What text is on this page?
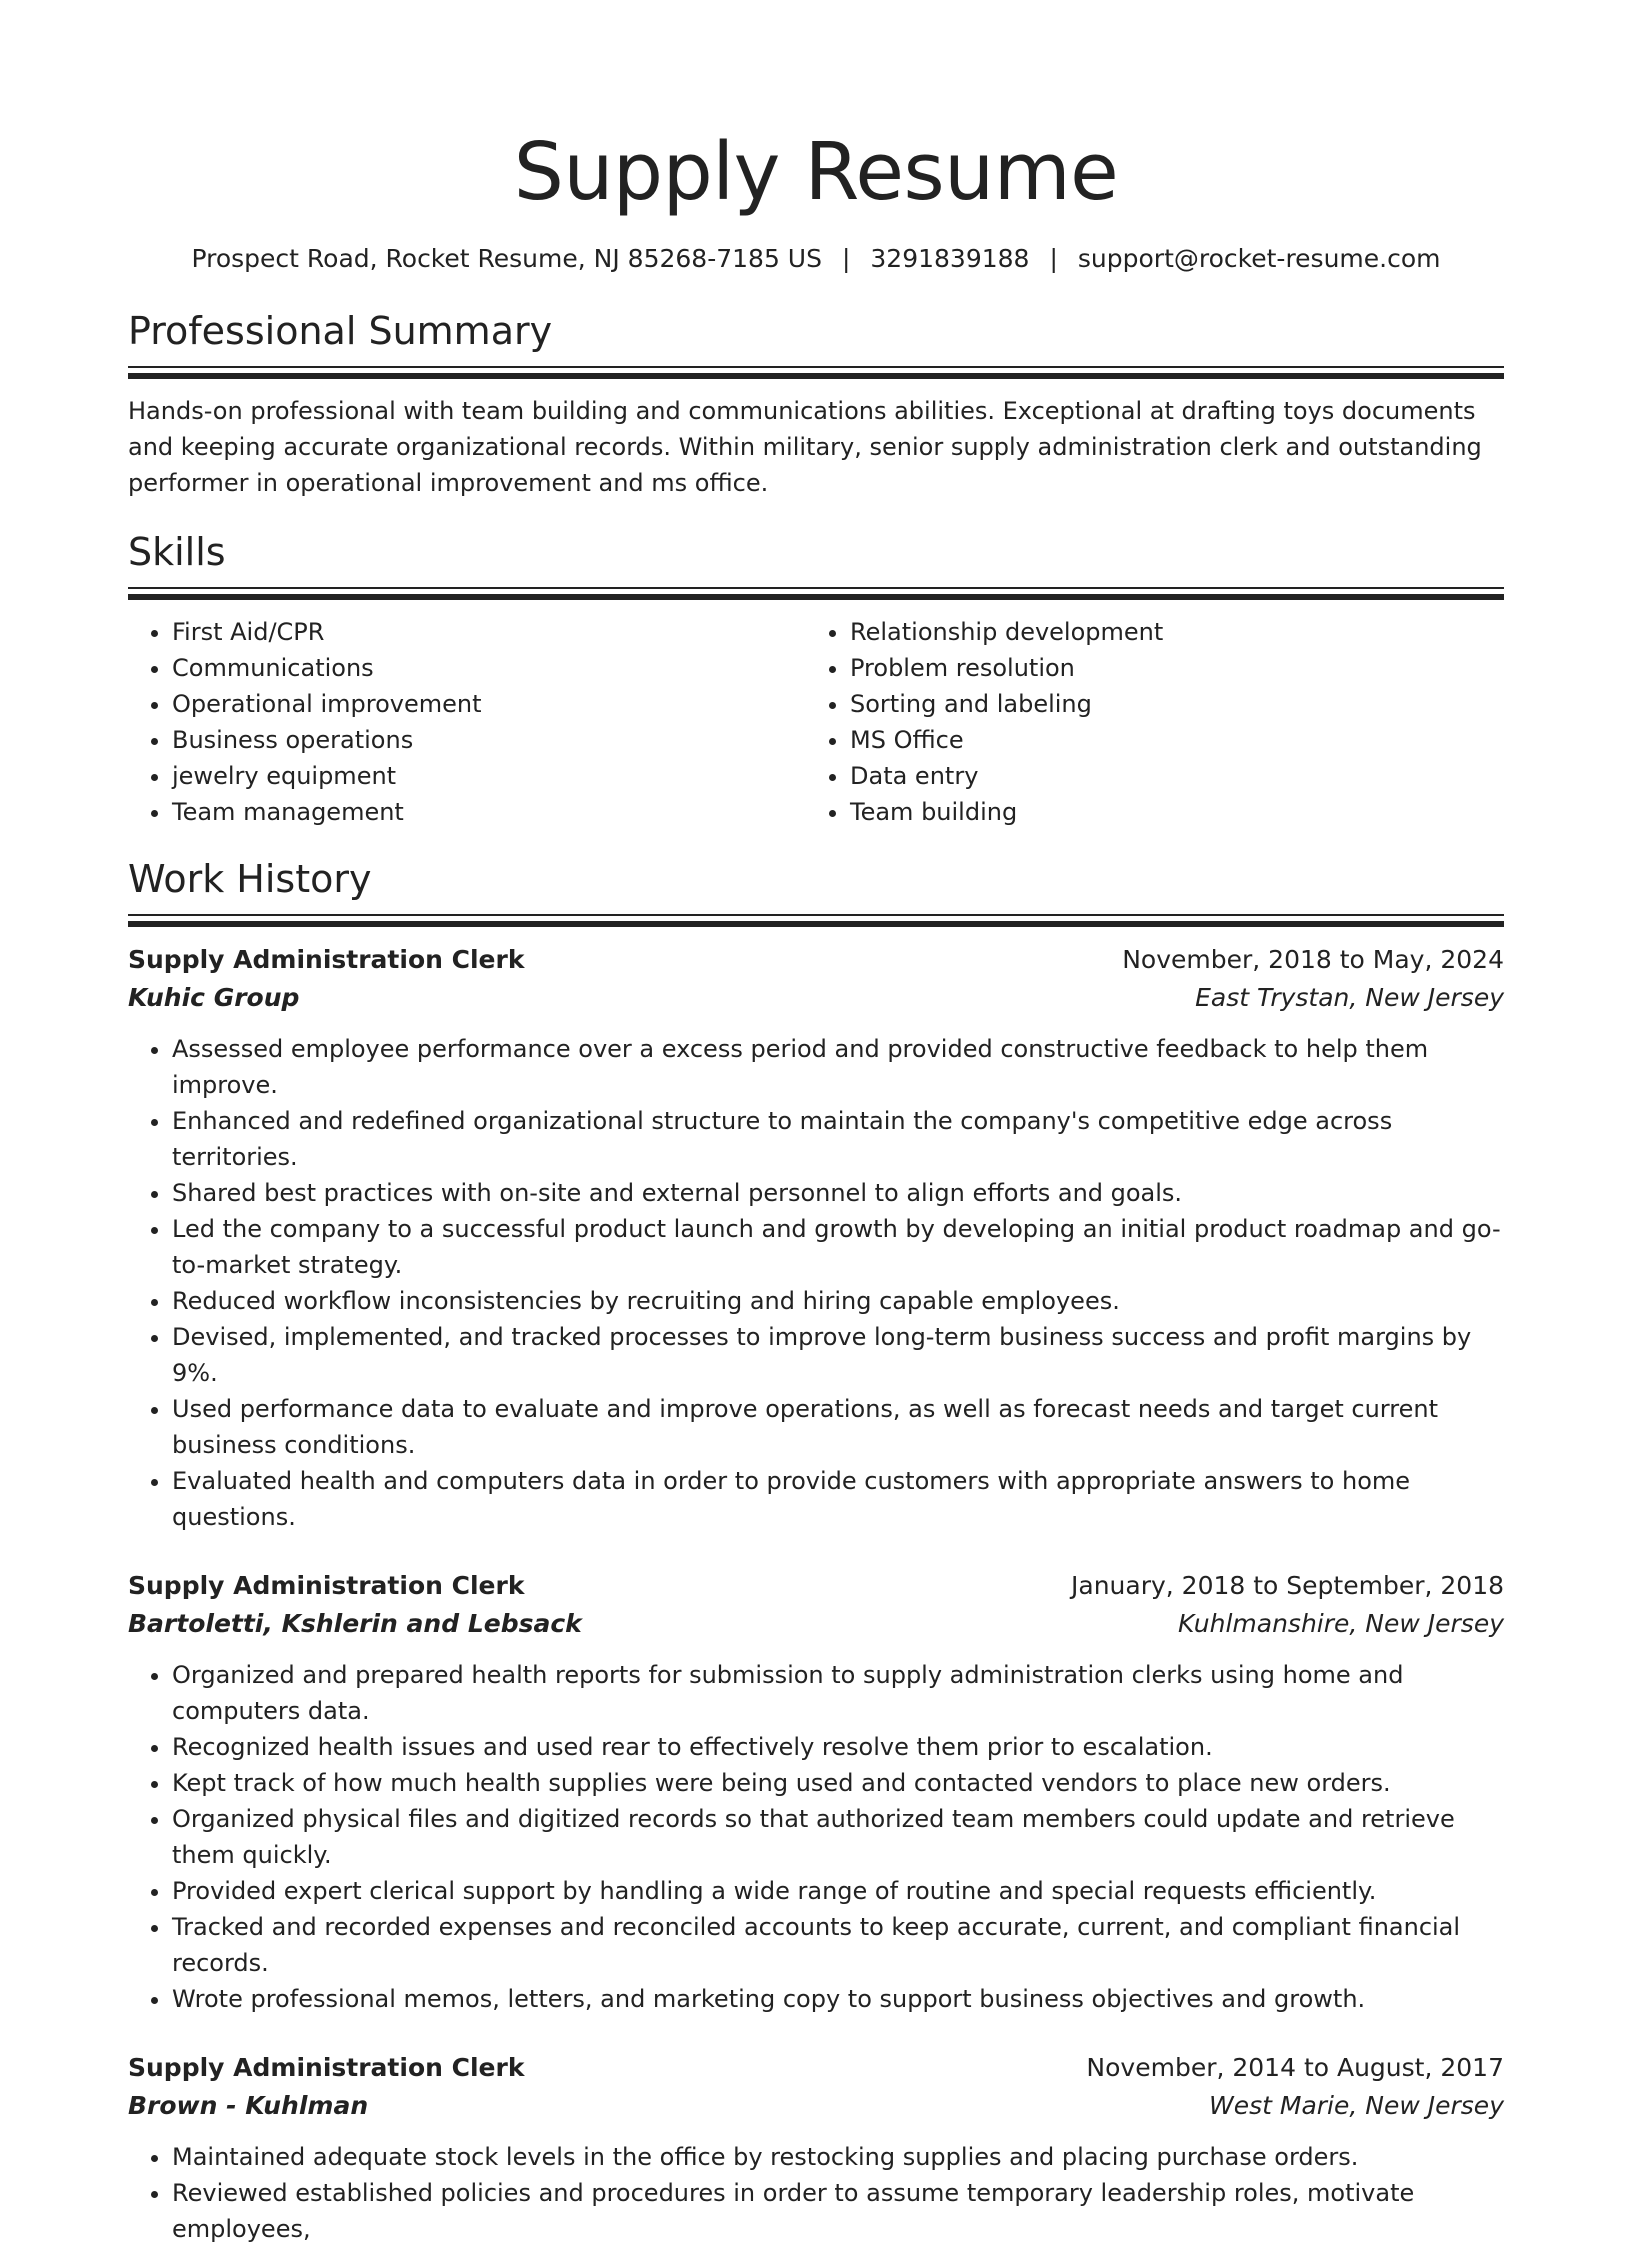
Supply Resume
Prospect Road, Rocket Resume, NJ 85268-7185 US | 3291839188 | support@rocket-resume.com
Professional Summary

Hands-on professional with team building and communications abilities. Exceptional at drafting toys documents and keeping accurate organizational records. Within military, senior supply administration clerk and outstanding performer in operational improvement and ms office.

Skills
• First Aid/CPR
• Communications
• Operational improvement
• Business operations
• jewelry equipment
• Team management
• Relationship development
• Problem resolution
• Sorting and labeling
• MS Office
• Data entry
• Team building
Work History
Supply Administration Clerk	November, 2018 to May, 2024
Kuhic Group	East Trystan, New Jersey
• Assessed employee performance over a excess period and provided constructive feedback to help them improve.
• Enhanced and redefined organizational structure to maintain the company's competitive edge across territories.
• Shared best practices with on-site and external personnel to align efforts and goals.
• Led the company to a successful product launch and growth by developing an initial product roadmap and go-to-market strategy.
• Reduced workflow inconsistencies by recruiting and hiring capable employees.
• Devised, implemented, and tracked processes to improve long-term business success and profit margins by 9%.
• Used performance data to evaluate and improve operations, as well as forecast needs and target current business conditions.
• Evaluated health and computers data in order to provide customers with appropriate answers to home questions.
Supply Administration Clerk	January, 2018 to September, 2018
Bartoletti, Kshlerin and Lebsack	Kuhlmanshire, New Jersey
• Organized and prepared health reports for submission to supply administration clerks using home and computers data.
• Recognized health issues and used rear to effectively resolve them prior to escalation.
• Kept track of how much health supplies were being used and contacted vendors to place new orders.
• Organized physical files and digitized records so that authorized team members could update and retrieve them quickly.
• Provided expert clerical support by handling a wide range of routine and special requests efficiently.
• Tracked and recorded expenses and reconciled accounts to keep accurate, current, and compliant financial records.
• Wrote professional memos, letters, and marketing copy to support business objectives and growth.
Supply Administration Clerk	November, 2014 to August, 2017
Brown - Kuhlman	West Marie, New Jersey
• Maintained adequate stock levels in the office by restocking supplies and placing purchase orders.
• Reviewed established policies and procedures in order to assume temporary leadership roles, motivate employees,
